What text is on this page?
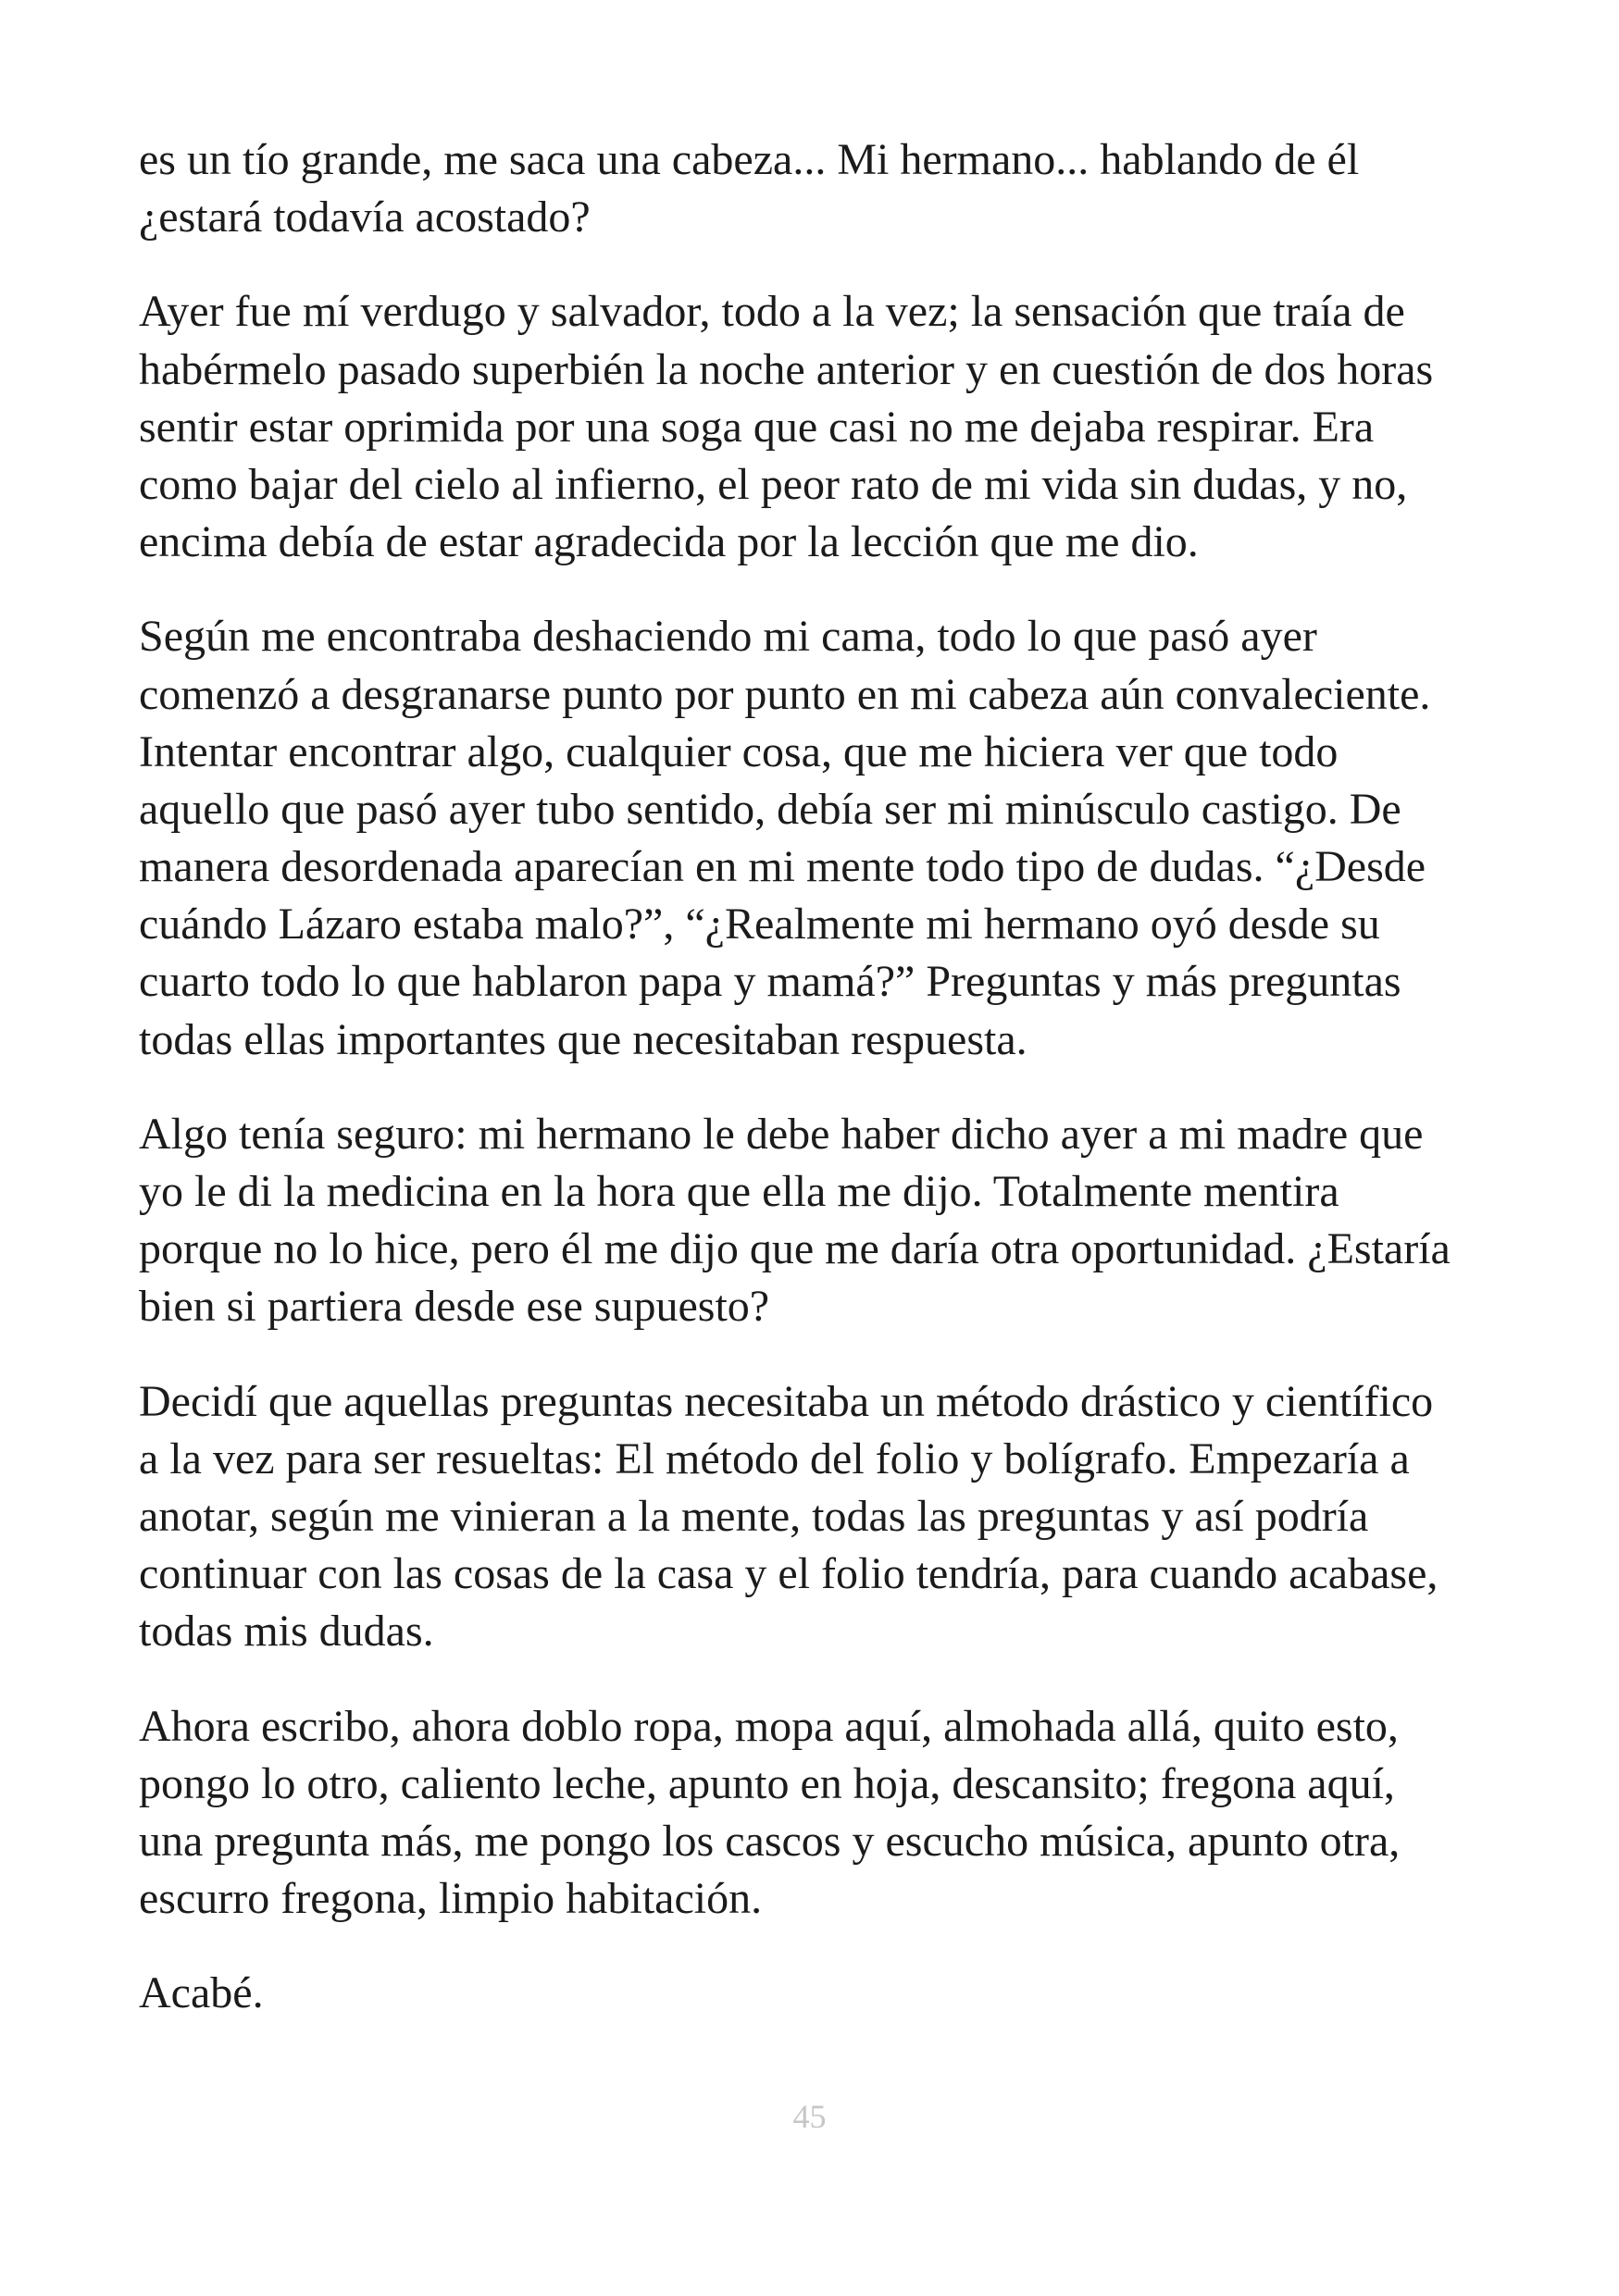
es un tío grande, me saca una cabeza... Mi hermano... hablando de él
¿estará todavía acostado?

Ayer fue mí verdugo y salvador, todo a la vez; la sensación que traía de
habérmelo pasado superbién la noche anterior y en cuestión de dos horas
sentir estar oprimida por una soga que casi no me dejaba respirar. Era
como bajar del cielo al infierno, el peor rato de mi vida sin dudas, y no,
encima debía de estar agradecida por la lección que me dio.

Según me encontraba deshaciendo mi cama, todo lo que pasó ayer
comenzó a desgranarse punto por punto en mi cabeza aún convaleciente.
Intentar encontrar algo, cualquier cosa, que me hiciera ver que todo
aquello que pasó ayer tubo sentido, debía ser mi minúsculo castigo. De
manera desordenada aparecían en mi mente todo tipo de dudas. “¿Desde
cuándo Lázaro estaba malo?”, “¿Realmente mi hermano oyó desde su
cuarto todo lo que hablaron papa y mamá?” Preguntas y más preguntas
todas ellas importantes que necesitaban respuesta.

Algo tenía seguro: mi hermano le debe haber dicho ayer a mi madre que
yo le di la medicina en la hora que ella me dijo. Totalmente mentira
porque no lo hice, pero él me dijo que me daría otra oportunidad. ¿Estaría
bien si partiera desde ese supuesto?

Decidí que aquellas preguntas necesitaba un método drástico y científico
a la vez para ser resueltas: El método del folio y bolígrafo. Empezaría a
anotar, según me vinieran a la mente, todas las preguntas y así podría
continuar con las cosas de la casa y el folio tendría, para cuando acabase,
todas mis dudas.

Ahora escribo, ahora doblo ropa, mopa aquí, almohada allá, quito esto,
pongo lo otro, caliento leche, apunto en hoja, descansito; fregona aquí,
una pregunta más, me pongo los cascos y escucho música, apunto otra,
escurro fregona, limpio habitación.

Acabé.

45
